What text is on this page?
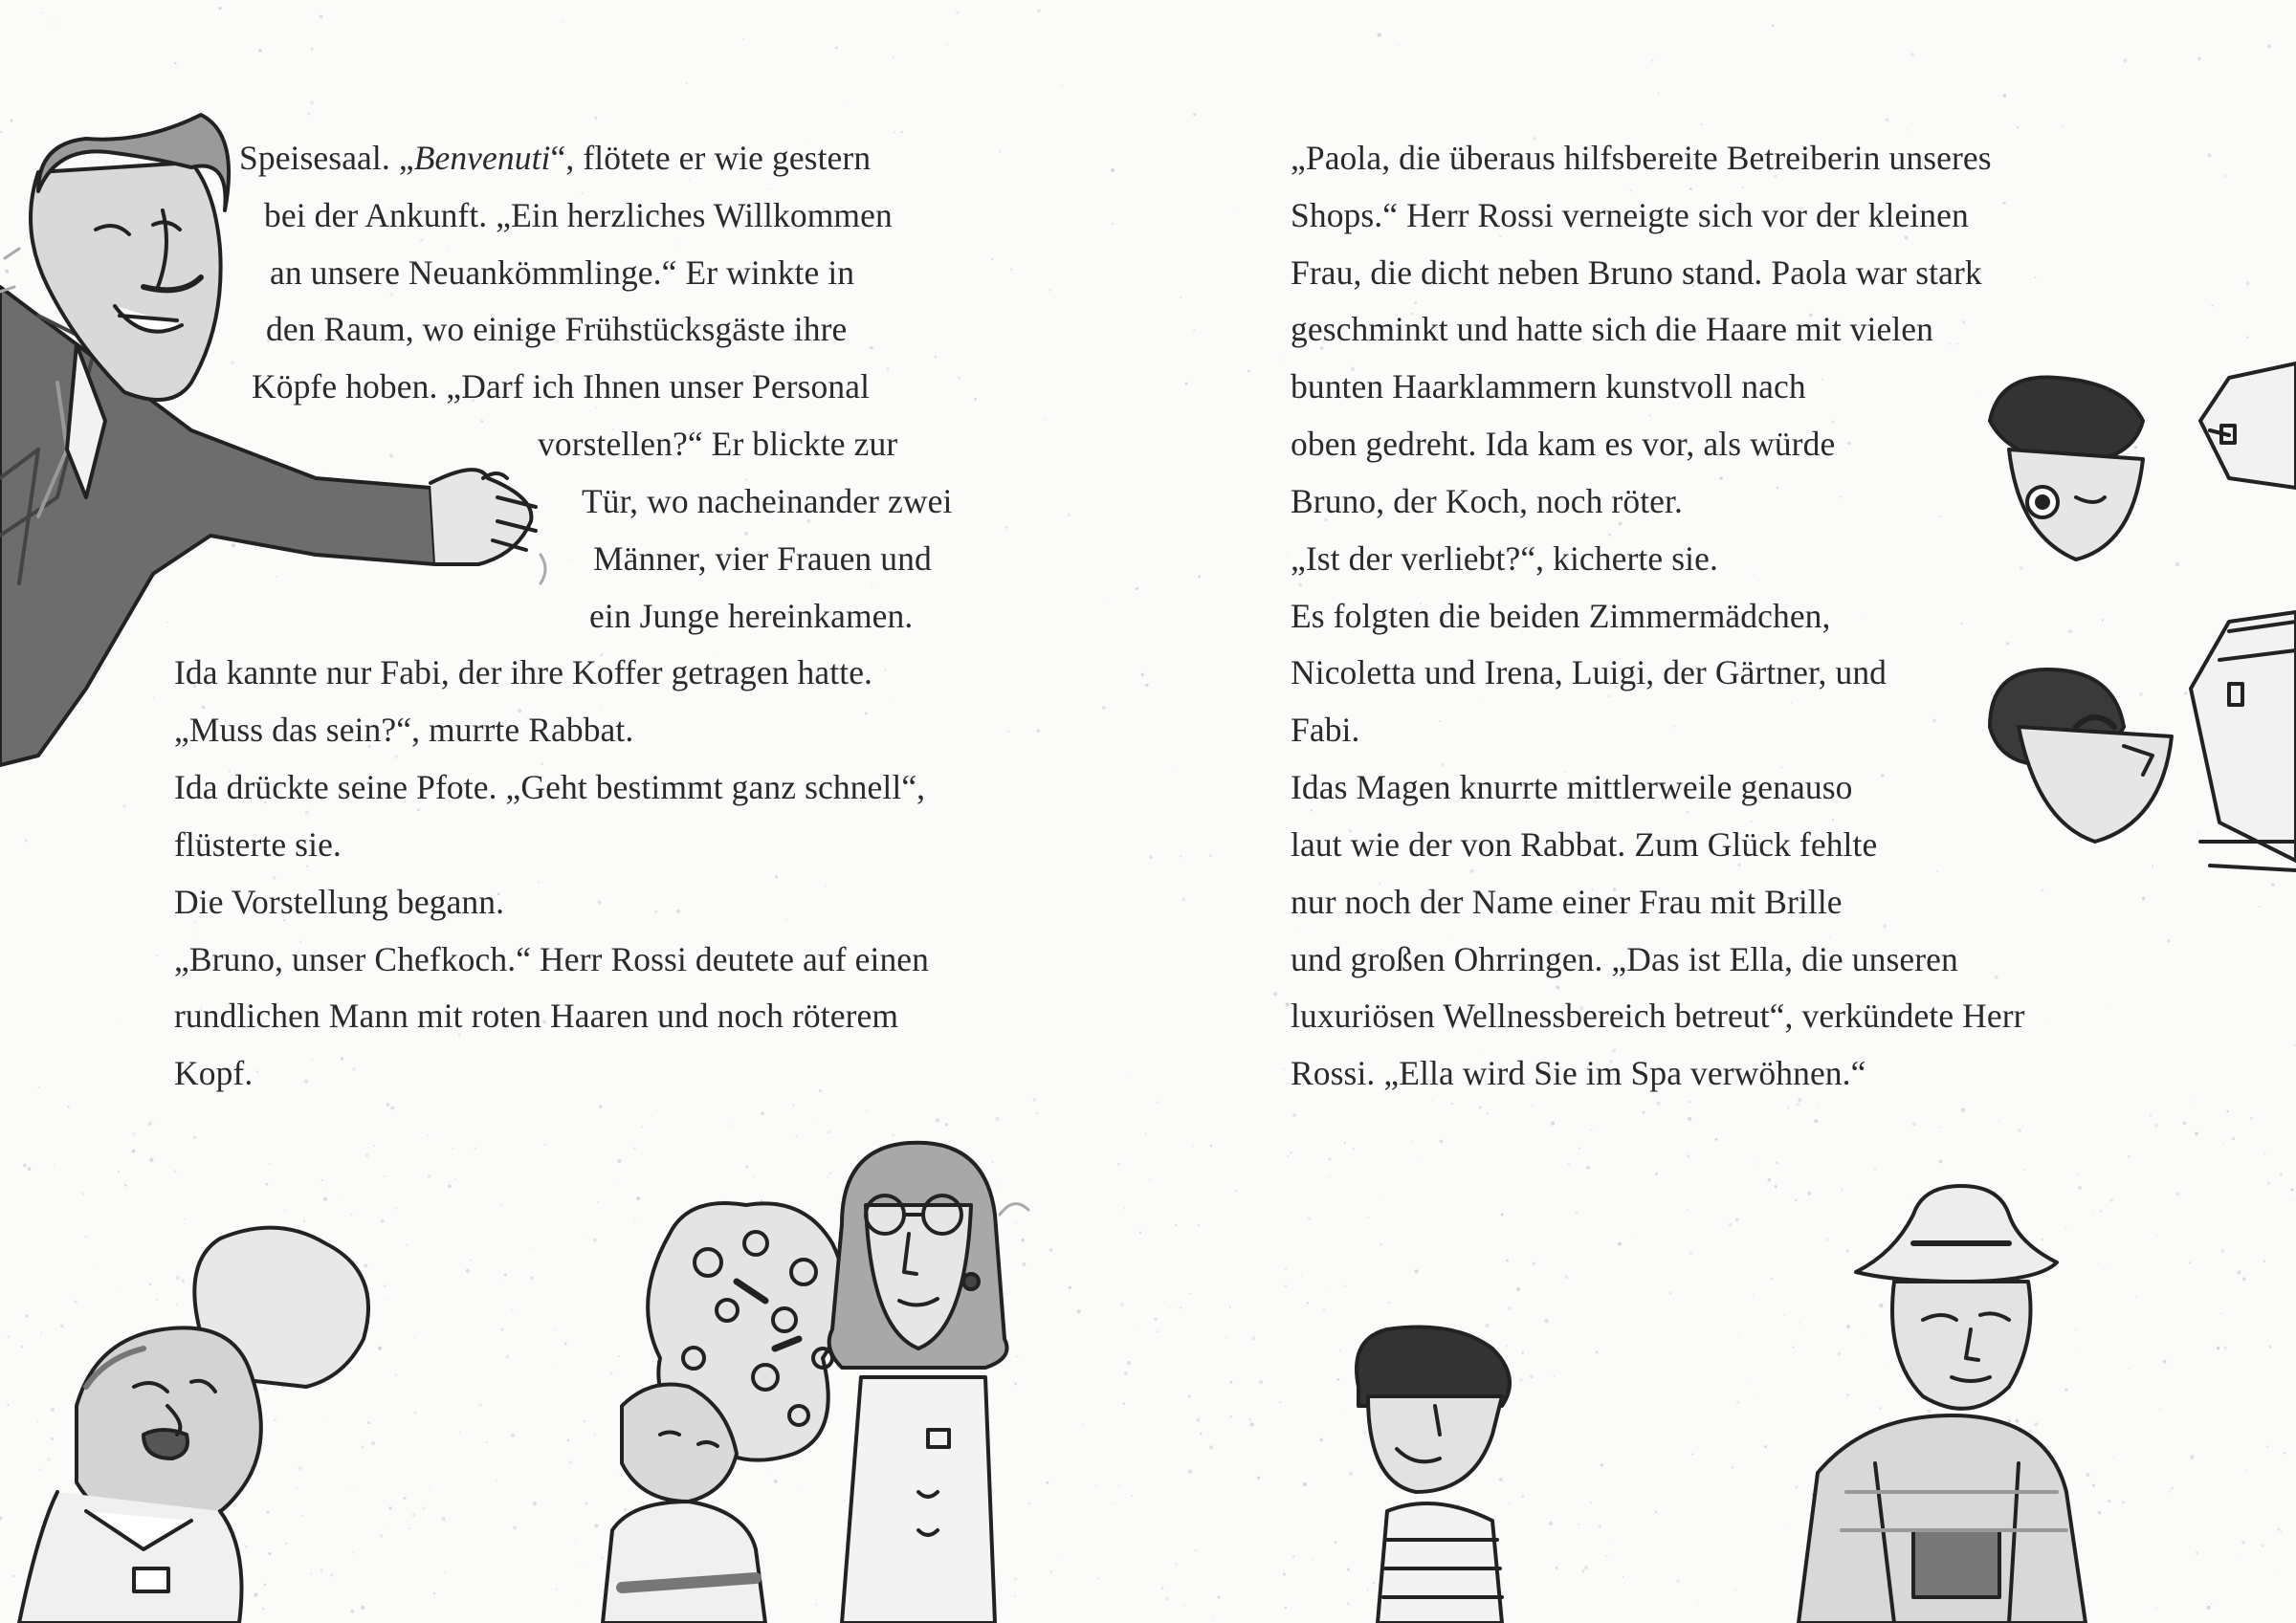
Speisesaal. „Benvenuti“, flötete er wie gestern
bei der Ankunft. „Ein herzliches Willkommen
an unsere Neuankömmlinge.“ Er winkte in
den Raum, wo einige Frühstücksgäste ihre
Köpfe hoben. „Darf ich Ihnen unser Personal
vorstellen?“ Er blickte zur
Tür, wo nacheinander zwei
Männer, vier Frauen und
ein Junge hereinkamen.
Ida kannte nur Fabi, der ihre Koffer getragen hatte.
„Muss das sein?“, murrte Rabbat.
Ida drückte seine Pfote. „Geht bestimmt ganz schnell“,
flüsterte sie.
Die Vorstellung begann.
„Bruno, unser Chefkoch.“ Herr Rossi deutete auf einen
rundlichen Mann mit roten Haaren und noch röterem
Kopf.
„Paola, die überaus hilfsbereite Betreiberin unseres
Shops.“ Herr Rossi verneigte sich vor der kleinen
Frau, die dicht neben Bruno stand. Paola war stark
geschminkt und hatte sich die Haare mit vielen
bunten Haarklammern kunstvoll nach
oben gedreht. Ida kam es vor, als würde
Bruno, der Koch, noch röter.
„Ist der verliebt?“, kicherte sie.
Es folgten die beiden Zimmermädchen,
Nicoletta und Irena, Luigi, der Gärtner, und
Fabi.
Idas Magen knurrte mittlerweile genauso
laut wie der von Rabbat. Zum Glück fehlte
nur noch der Name einer Frau mit Brille
und großen Ohrringen. „Das ist Ella, die unseren
luxuriösen Wellnessbereich betreut“, verkündete Herr
Rossi. „Ella wird Sie im Spa verwöhnen.“
